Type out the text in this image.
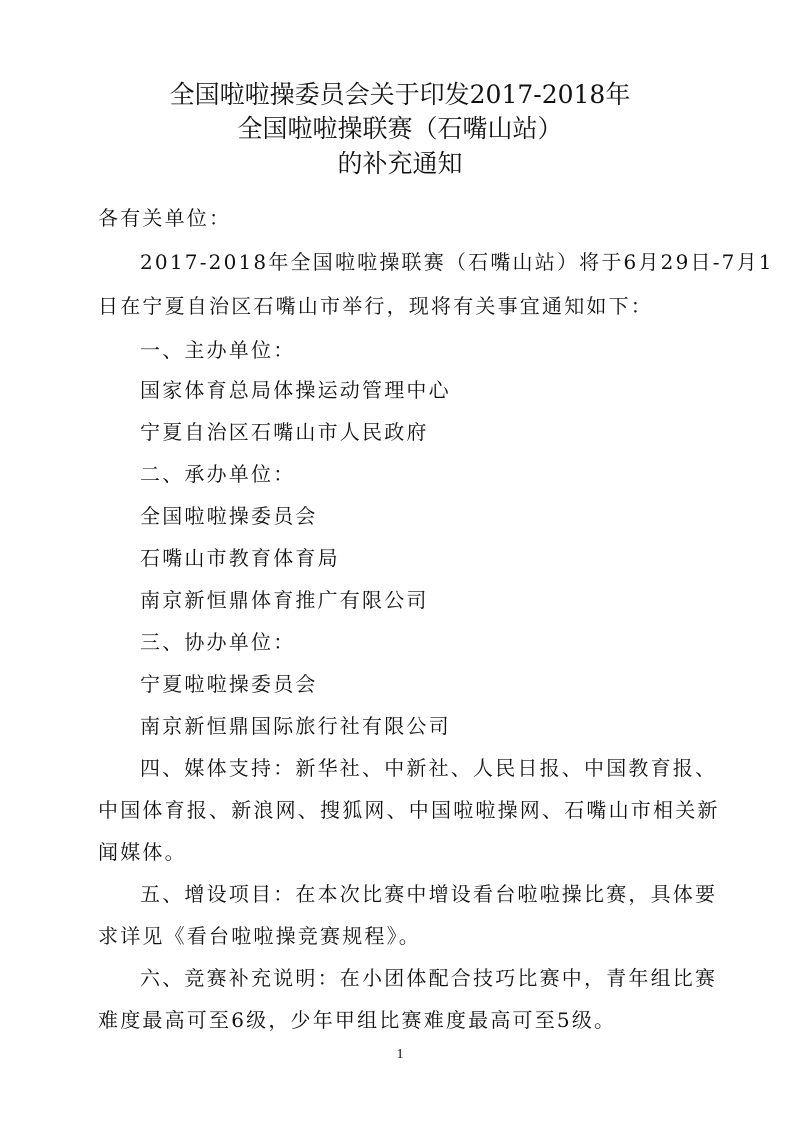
全国啦啦操委员会关于印发2017-2018年
全国啦啦操联赛（石嘴山站）
的补充通知
各有关单位：
2017-2018年全国啦啦操联赛（石嘴山站）将于6月29日-7月1
日在宁夏自治区石嘴山市举行，现将有关事宜通知如下：
一、主办单位：
国家体育总局体操运动管理中心
宁夏自治区石嘴山市人民政府
二、承办单位：
全国啦啦操委员会
石嘴山市教育体育局
南京新恒鼎体育推广有限公司
三、协办单位：
宁夏啦啦操委员会
南京新恒鼎国际旅行社有限公司
四、媒体支持：新华社、中新社、人民日报、中国教育报、
中国体育报、新浪网、搜狐网、中国啦啦操网、石嘴山市相关新
闻媒体。
五、增设项目：在本次比赛中增设看台啦啦操比赛，具体要
求详见《看台啦啦操竞赛规程》。
六、竞赛补充说明：在小团体配合技巧比赛中，青年组比赛
难度最高可至6级，少年甲组比赛难度最高可至5级。
1
